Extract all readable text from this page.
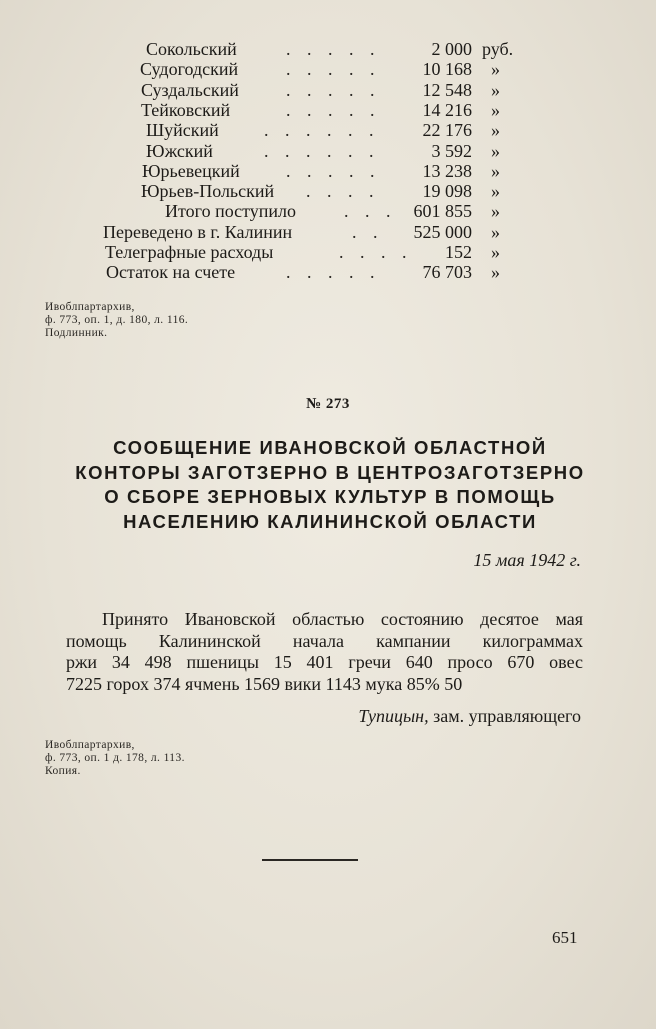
Сокольский	. . . . .	2 000 руб.
Судогодский	. . . . .	10 168 »
Суздальский	. . . . .	12 548 »
Тейковский	. . . . .	14 216 »
Шуйский	. . . . . .	22 176 »
Южский	. . . . . .	3 592 »
Юрьевецкий	. . . . .	13 238 »
Юрьев-Польский . . . .	19 098 »
Итого поступило	. . . 601 855 »
Переведено в г. Калинин	. .	525 000 »
Телеграфные расходы	. . . .	152 »
Остаток на счете	. . . . .	76 703 »
Ивоблпартархив,
ф. 773, оп. 1, д. 180, л. 116.
Подлинник.
№ 273
СООБЩЕНИЕ ИВАНОВСКОЙ ОБЛАСТНОЙ
КОНТОРЫ ЗАГОТЗЕРНО В ЦЕНТРОЗАГОТЗЕРНО
О СБОРЕ ЗЕРНОВЫХ КУЛЬТУР В ПОМОЩЬ
НАСЕЛЕНИЮ КАЛИНИНСКОЙ ОБЛАСТИ
15 мая 1942 г.
Принято Ивановской областью состоянию десятое мая
помощь Калининской начала кампании килограммах
ржи 34 498 пшеницы 15 401 гречи 640 просо 670 овес
7225 горох 374 ячмень 1569 вики 1143 мука 85% 50
Тупицын, зам. управляющего
Ивоблпартархив,
ф. 773, оп. 1 д. 178, л. 113.
Копия.
651
